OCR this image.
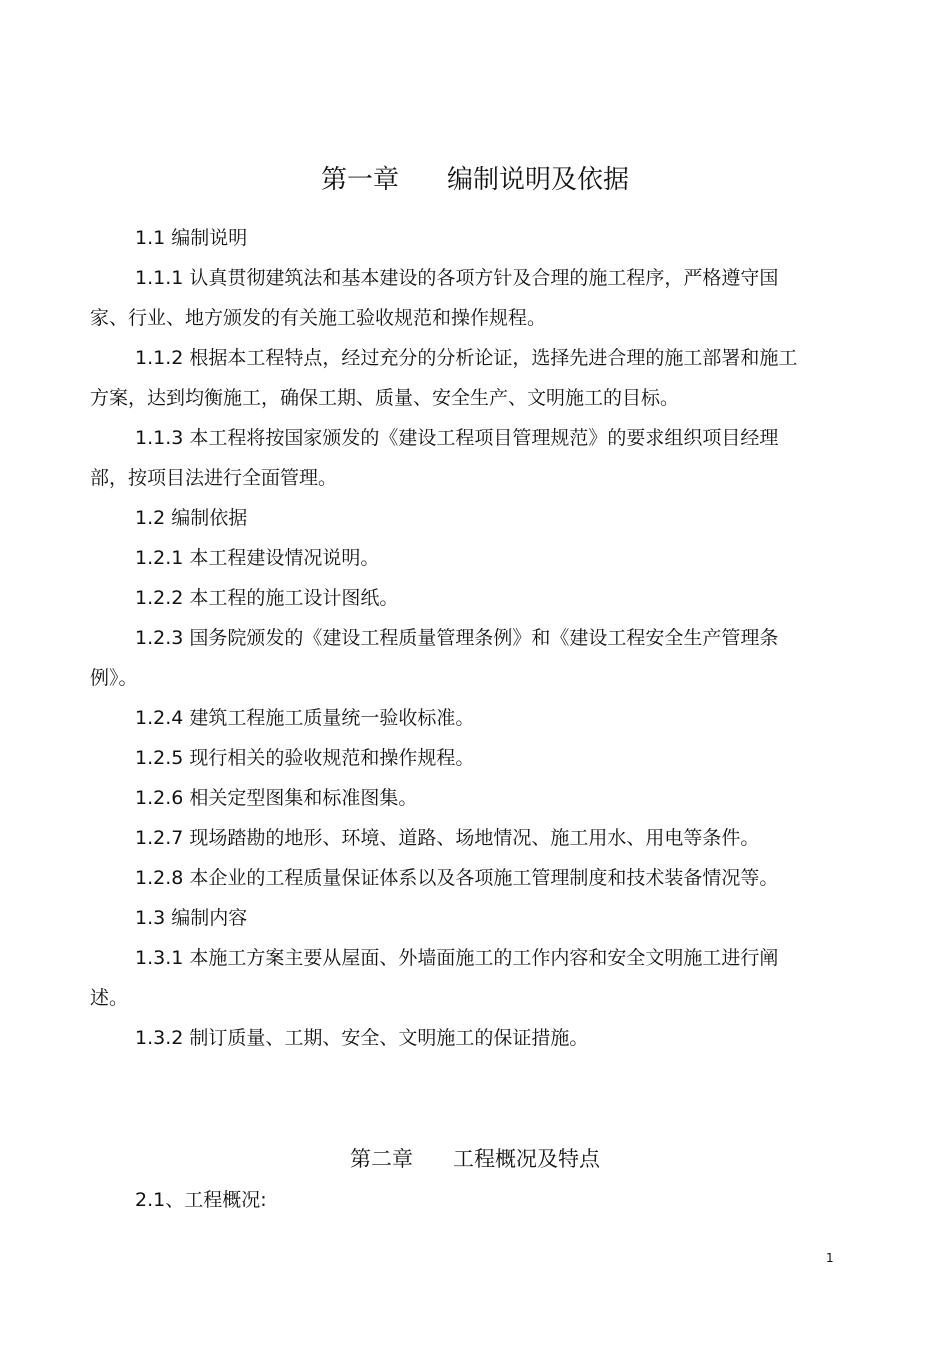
第一章 编制说明及依据

1.1 编制说明

1.1.1 认真贯彻建筑法和基本建设的各项方针及合理的施工程序，严格遵守国家、行业、地方颁发的有关施工验收规范和操作规程。

1.1.2 根据本工程特点，经过充分的分析论证，选择先进合理的施工部署和施工方案，达到均衡施工，确保工期、质量、安全生产、文明施工的目标。

1.1.3 本工程将按国家颁发的《建设工程项目管理规范》的要求组织项目经理部，按项目法进行全面管理。

1.2 编制依据

1.2.1 本工程建设情况说明。

1.2.2 本工程的施工设计图纸。

1.2.3 国务院颁发的《建设工程质量管理条例》和《建设工程安全生产管理条例》。

1.2.4 建筑工程施工质量统一验收标准。

1.2.5 现行相关的验收规范和操作规程。

1.2.6 相关定型图集和标准图集。

1.2.7 现场踏勘的地形、环境、道路、场地情况、施工用水、用电等条件。

1.2.8 本企业的工程质量保证体系以及各项施工管理制度和技术装备情况等。

1.3 编制内容

1.3.1 本施工方案主要从屋面、外墙面施工的工作内容和安全文明施工进行阐述。

1.3.2 制订质量、工期、安全、文明施工的保证措施。

2.1、工程概况:

第二章 工程概况及特点
1
